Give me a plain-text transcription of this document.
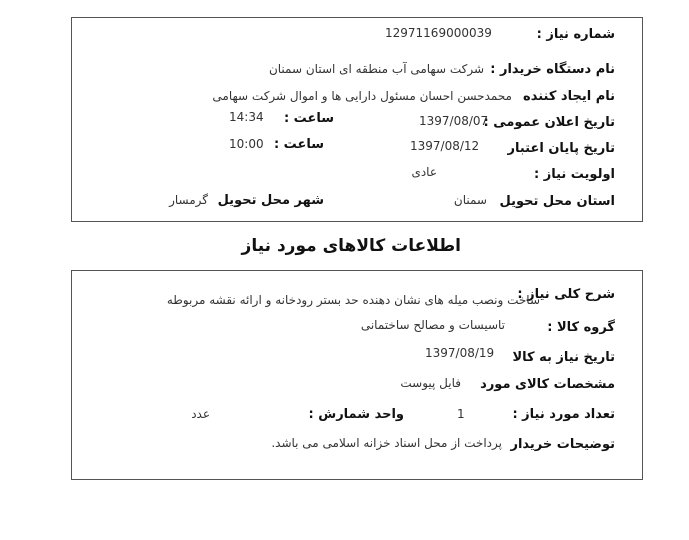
شماره نیاز :
12971169000039
نام دستگاه خریدار :
شرکت سهامی آب منطقه ای استان سمنان
نام ایجاد کننده
محمدحسن احسان مسئول دارایی ها و اموال شرکت سهامی
تاریخ اعلان عمومی :
1397/08/07
ساعت :
14:34
تاریخ پایان اعتبار
1397/08/12
ساعت :
10:00
اولویت نیاز :
عادی
استان محل تحویل
سمنان
شهر محل تحویل
گرمسار
اطلاعات کالاهای مورد نیاز
شرح کلی نیاز :
ساخت ونصب میله های نشان دهنده حد بستر رودخانه و ارائه نقشه مربوطه
گروه کالا :
تاسیسات و مصالح ساختمانی
تاریخ نیاز به کالا
1397/08/19
مشخصات کالای مورد
فایل پیوست
تعداد مورد نیاز :
1
واحد شمارش :
عدد
توضیحات خریدار
پرداخت از محل اسناد خزانه اسلامی می باشد.
